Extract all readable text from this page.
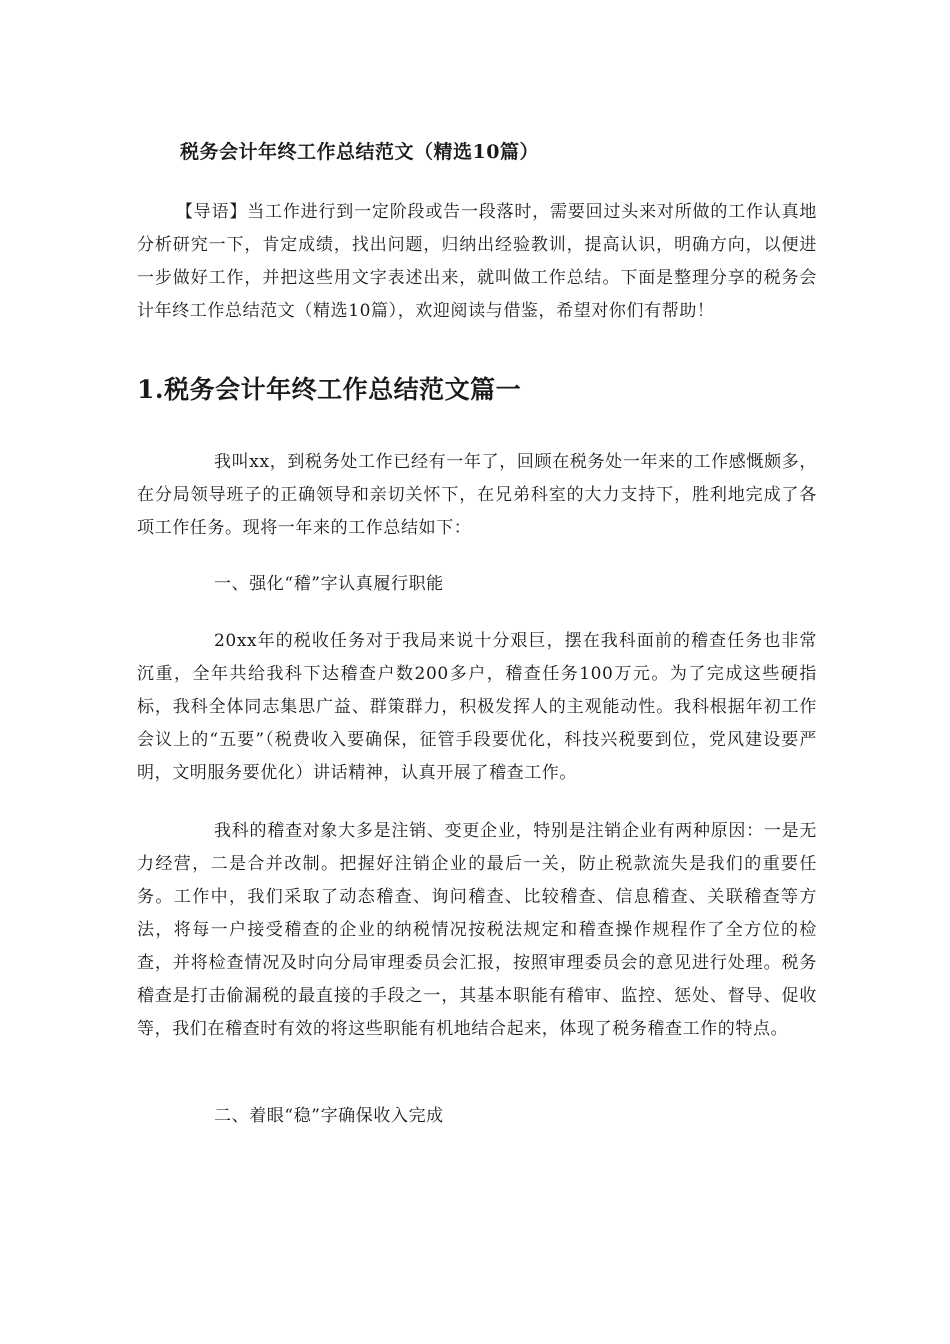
税务会计年终工作总结范文（精选10篇）

【导语】当工作进行到一定阶段或告一段落时，需要回过头来对所做的工作认真地分析研究一下，肯定成绩，找出问题，归纳出经验教训，提高认识，明确方向，以便进一步做好工作，并把这些用文字表述出来，就叫做工作总结。下面是整理分享的税务会计年终工作总结范文（精选10篇），欢迎阅读与借鉴，希望对你们有帮助！

1.税务会计年终工作总结范文篇一

我叫xx，到税务处工作已经有一年了，回顾在税务处一年来的工作感慨颇多，在分局领导班子的正确领导和亲切关怀下，在兄弟科室的大力支持下，胜利地完成了各项工作任务。现将一年来的工作总结如下：

一、强化“稽”字认真履行职能

20xx年的税收任务对于我局来说十分艰巨，摆在我科面前的稽查任务也非常沉重，全年共给我科下达稽查户数200多户，稽查任务100万元。为了完成这些硬指标，我科全体同志集思广益、群策群力，积极发挥人的主观能动性。我科根据年初工作会议上的“五要”（税费收入要确保，征管手段要优化，科技兴税要到位，党风建设要严明，文明服务要优化）讲话精神，认真开展了稽查工作。

我科的稽查对象大多是注销、变更企业，特别是注销企业有两种原因：一是无力经营，二是合并改制。把握好注销企业的最后一关，防止税款流失是我们的重要任务。工作中，我们采取了动态稽查、询问稽查、比较稽查、信息稽查、关联稽查等方法，将每一户接受稽查的企业的纳税情况按税法规定和稽查操作规程作了全方位的检查，并将检查情况及时向分局审理委员会汇报，按照审理委员会的意见进行处理。税务稽查是打击偷漏税的最直接的手段之一，其基本职能有稽审、监控、惩处、督导、促收等，我们在稽查时有效的将这些职能有机地结合起来，体现了税务稽查工作的特点。

二、着眼“稳”字确保收入完成
